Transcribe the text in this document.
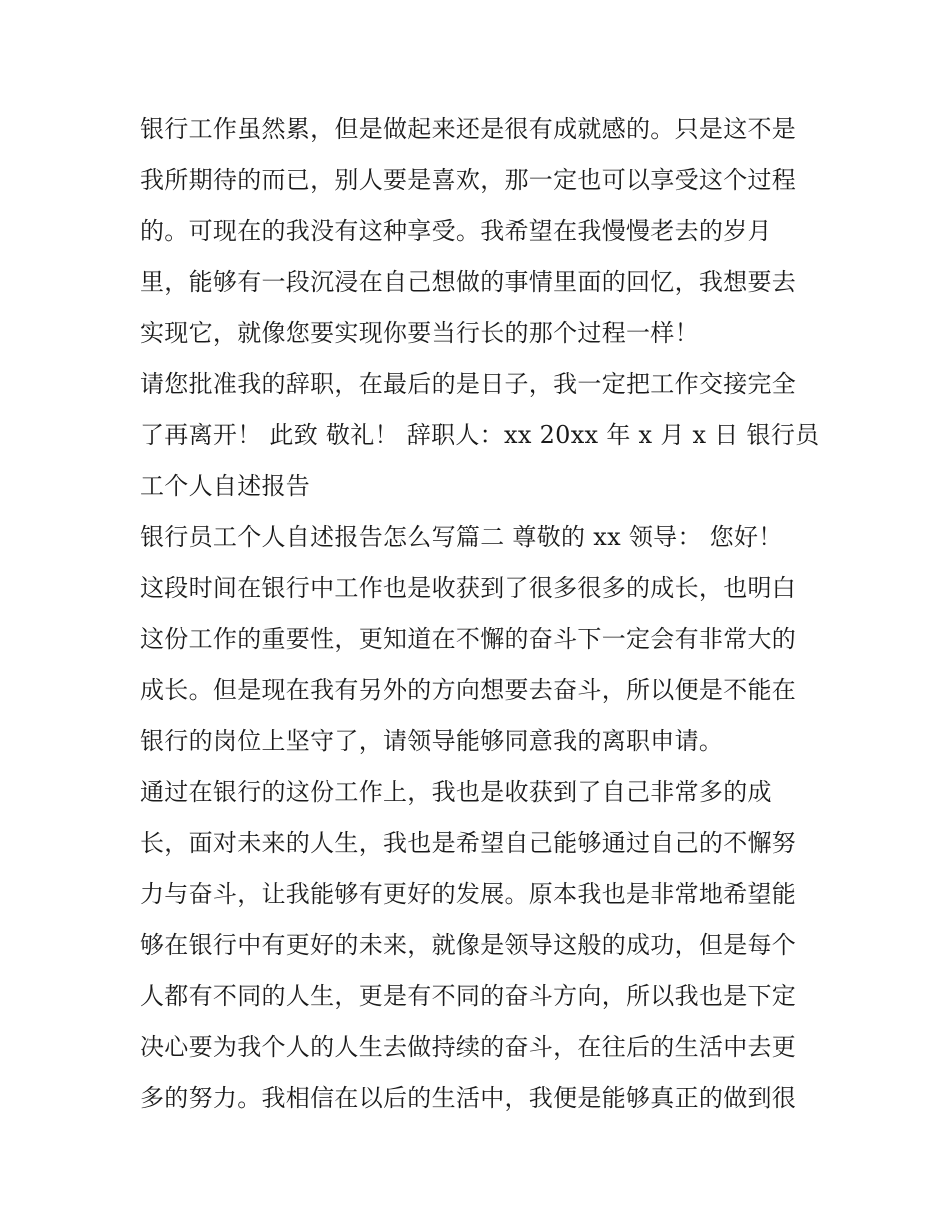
银行工作虽然累，但是做起来还是很有成就感的。只是这不是
我所期待的而已，别人要是喜欢，那一定也可以享受这个过程
的。可现在的我没有这种享受。我希望在我慢慢老去的岁月
里，能够有一段沉浸在自己想做的事情里面的回忆，我想要去
实现它，就像您要实现你要当行长的那个过程一样！
请您批准我的辞职，在最后的是日子，我一定把工作交接完全
了再离开！ 此致 敬礼！ 辞职人：xx 20xx 年 x 月 x 日 银行员
工个人自述报告
银行员工个人自述报告怎么写篇二 尊敬的 xx 领导： 您好！
这段时间在银行中工作也是收获到了很多很多的成长，也明白
这份工作的重要性，更知道在不懈的奋斗下一定会有非常大的
成长。但是现在我有另外的方向想要去奋斗，所以便是不能在
银行的岗位上坚守了，请领导能够同意我的离职申请。
通过在银行的这份工作上，我也是收获到了自己非常多的成
长，面对未来的人生，我也是希望自己能够通过自己的不懈努
力与奋斗，让我能够有更好的发展。原本我也是非常地希望能
够在银行中有更好的未来，就像是领导这般的成功，但是每个
人都有不同的人生，更是有不同的奋斗方向，所以我也是下定
决心要为我个人的人生去做持续的奋斗，在往后的生活中去更
多的努力。我相信在以后的生活中，我便是能够真正的做到很
